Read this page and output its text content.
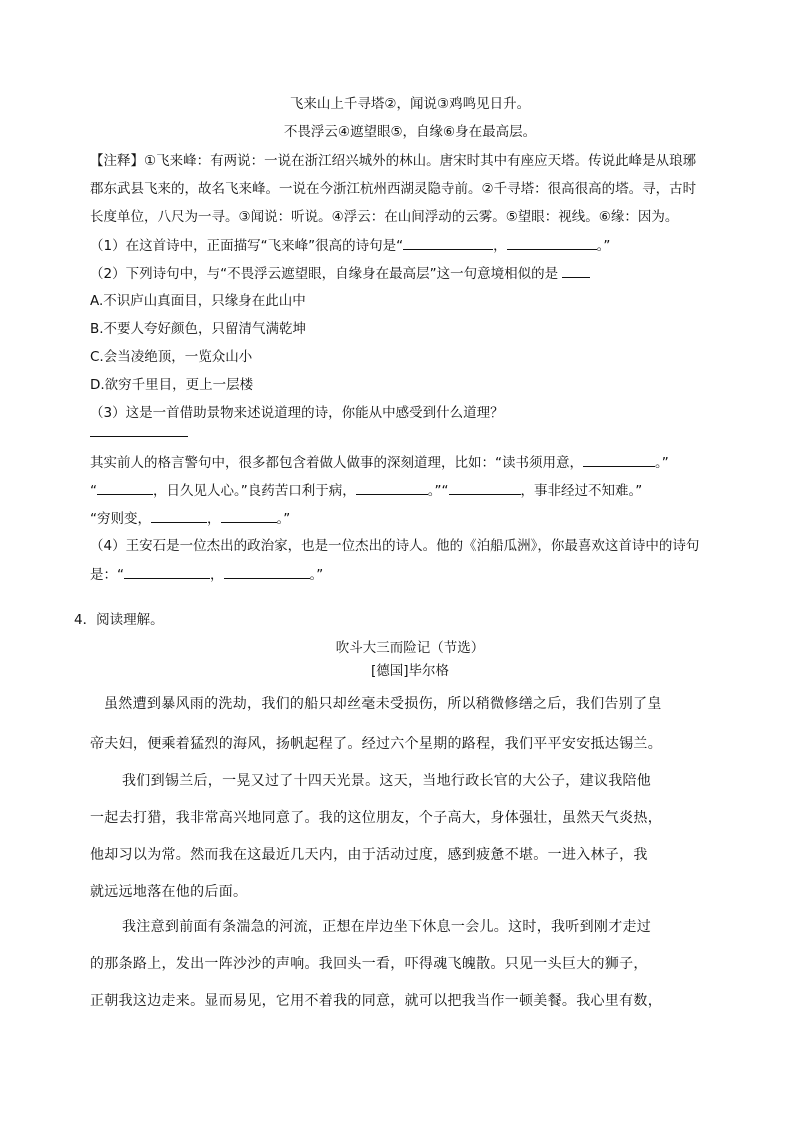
飞来山上千寻塔②，闻说③鸡鸣见日升。
不畏浮云④遮望眼⑤，自缘⑥身在最高层。
【注释】①飞来峰：有两说：一说在浙江绍兴城外的林山。唐宋时其中有座应天塔。传说此峰是从琅琊
郡东武县飞来的，故名飞来峰。一说在今浙江杭州西湖灵隐寺前。②千寻塔：很高很高的塔。寻，古时
长度单位，八尺为一寻。③闻说：听说。④浮云：在山间浮动的云雾。⑤望眼：视线。⑥缘：因为。
（1）在这首诗中，正面描写“飞来峰”很高的诗句是“	，	。”
（2）下列诗句中，与“不畏浮云遮望眼，自缘身在最高层”这一句意境相似的是
A.不识庐山真面目，只缘身在此山中
B.不要人夸好颜色，只留清气满乾坤
C.会当凌绝顶，一览众山小
D.欲穷千里目，更上一层楼
（3）这是一首借助景物来述说道理的诗，你能从中感受到什么道理？
其实前人的格言警句中，很多都包含着做人做事的深刻道理，比如：“读书须用意，	。”
“	，日久见人心。”良药苦口利于病，	。”“	，事非经过不知难。”
“穷则变，	，	。”
（4）王安石是一位杰出的政治家，也是一位杰出的诗人。他的《泊船瓜洲》，你最喜欢这首诗中的诗句
是：“	，	。”
4．阅读理解。
吹斗大三而险记（节选）
[德国]毕尔格
虽然遭到暴风雨的洗劫，我们的船只却丝毫未受损伤，所以稍微修缮之后，我们告别了皇
帝夫妇，便乘着猛烈的海风，扬帆起程了。经过六个星期的路程，我们平平安安抵达锡兰。
我们到锡兰后，一晃又过了十四天光景。这天，当地行政长官的大公子，建议我陪他
一起去打猎，我非常高兴地同意了。我的这位朋友，个子高大，身体强壮，虽然天气炎热，
他却习以为常。然而我在这最近几天内，由于活动过度，感到疲惫不堪。一进入林子，我
就远远地落在他的后面。
我注意到前面有条湍急的河流，正想在岸边坐下休息一会儿。这时，我听到刚才走过
的那条路上，发出一阵沙沙的声响。我回头一看，吓得魂飞魄散。只见一头巨大的狮子，
正朝我这边走来。显而易见，它用不着我的同意，就可以把我当作一顿美餐。我心里有数，
